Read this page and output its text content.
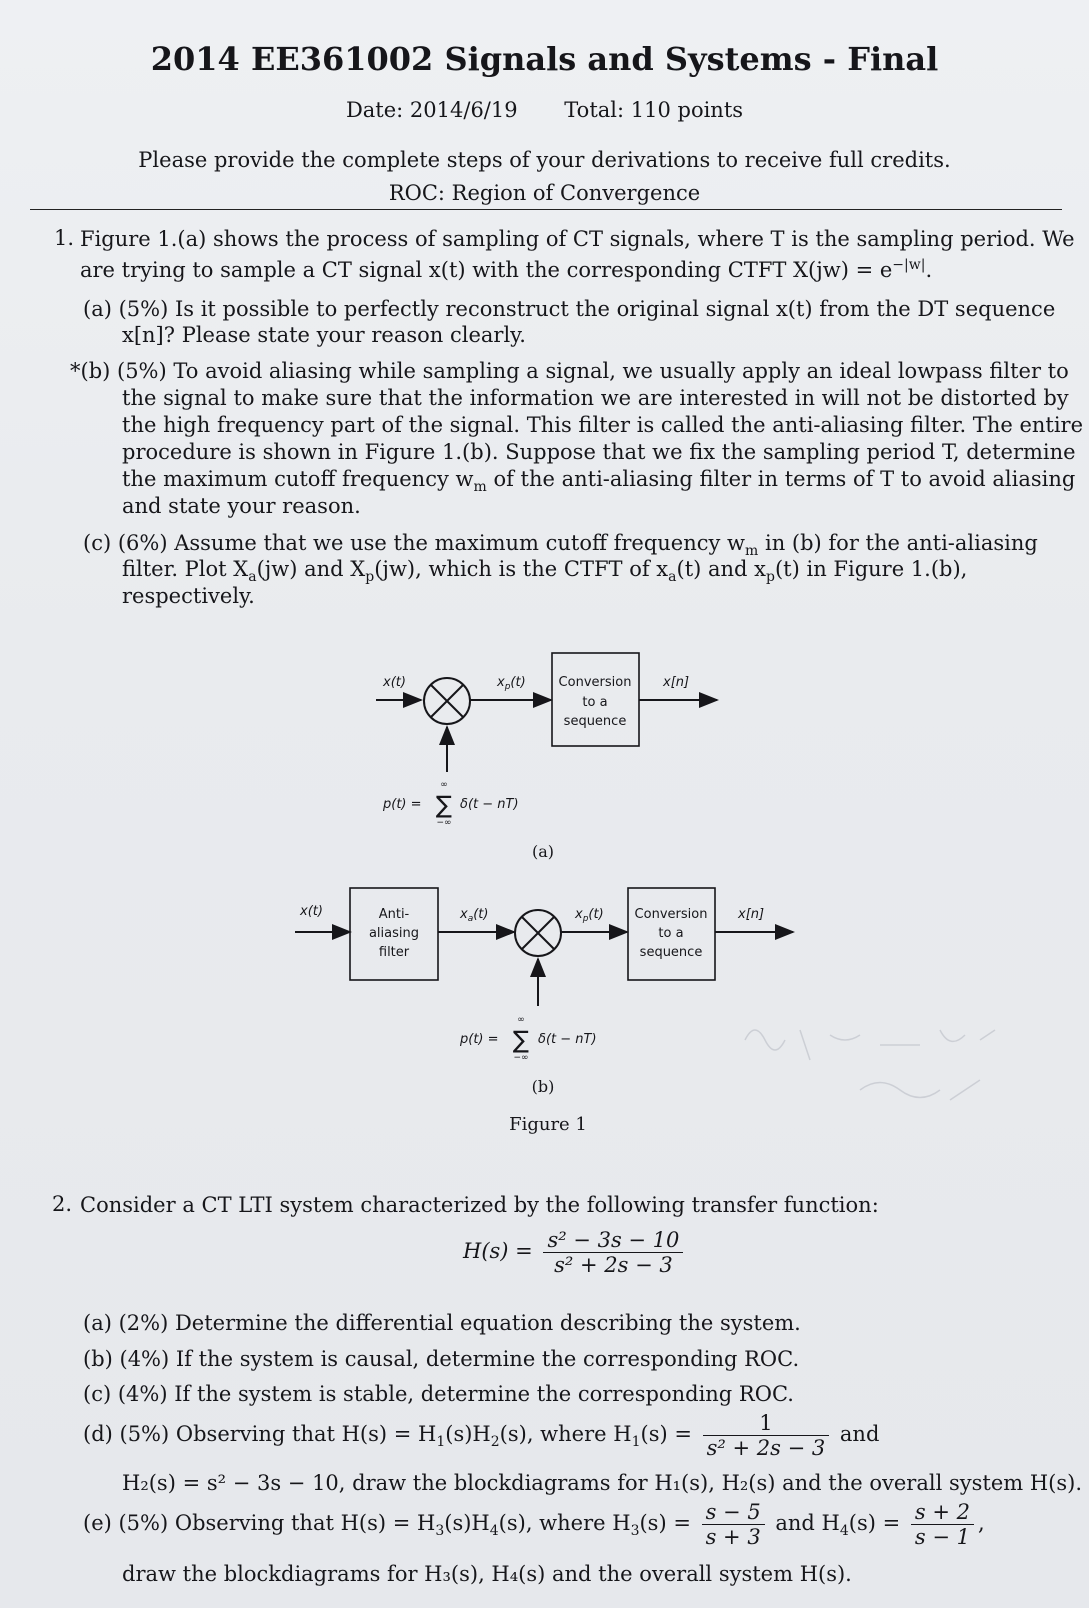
2014 EE361002 Signals and Systems - Final
Date: 2014/6/19 Total: 110 points
Please provide the complete steps of your derivations to receive full credits.
ROC: Region of Convergence
1. Figure 1.(a) shows the process of sampling of CT signals, where T is the sampling period. We
are trying to sample a CT signal x(t) with the corresponding CTFT $X(jw) = e^{-|w|}$.
(a) (5%) Is it possible to perfectly reconstruct the original signal x(t) from the DT sequence
x[n]? Please state your reason clearly.
*(b) (5%) To avoid aliasing while sampling a signal, we usually apply an ideal lowpass filter to
the signal to make sure that the information we are interested in will not be distorted by
the high frequency part of the signal. This filter is called the anti-aliasing filter. The entire
procedure is shown in Figure 1.(b). Suppose that we fix the sampling period T, determine
the maximum cutoff frequency $w_m$ of the anti-aliasing filter in terms of T to avoid aliasing
and state your reason.
(c) (6%) Assume that we use the maximum cutoff frequency $w_m$ in (b) for the anti-aliasing
filter. Plot $X_a(jw)$ and $X_p(jw)$, which is the CTFT of $x_a(t)$ and $x_p(t)$ in Figure 1.(b),
respectively.
x(t)	$x_p(t)$	Conversion
to a
sequence
x[n]
p(t) = ∑
∞
−∞
δ(t − nT)
(a)
x(t)	Anti-
aliasing
filter
$x_a(t)$	$x_p(t)$ Conversion
to a
sequence
x[n]
p(t) = ∑
∞
−∞
δ(t − nT)
(b)
Figure 1
2. Consider a CT LTI system characterized by the following transfer function:
$H(s) = \frac{\text{s² − 3s − 10}}{\text{s² + 2s − 3}}$
(a) (2%) Determine the differential equation describing the system.
(b) (4%) If the system is causal, determine the corresponding ROC.
(c) (4%) If the system is stable, determine the corresponding ROC.
(d) (5%) Observing that $H(s) = H_1(s)H_2(s)$, where $H_1(s) = \frac{1}{\text{s² + 2s − 3}}$ and
H₂(s) = s² − 3s − 10, draw the blockdiagrams for H₁(s), H₂(s) and the overall system H(s).
(e) (5%) Observing that $H(s) = H_3(s)H_4(s)$, where $H_3(s) = \frac{s - 5}{s + 3}$ and $H_4(s) = \frac{s + 2}{s - 1}$ ,
draw the blockdiagrams for H₃(s), H₄(s) and the overall system H(s).
